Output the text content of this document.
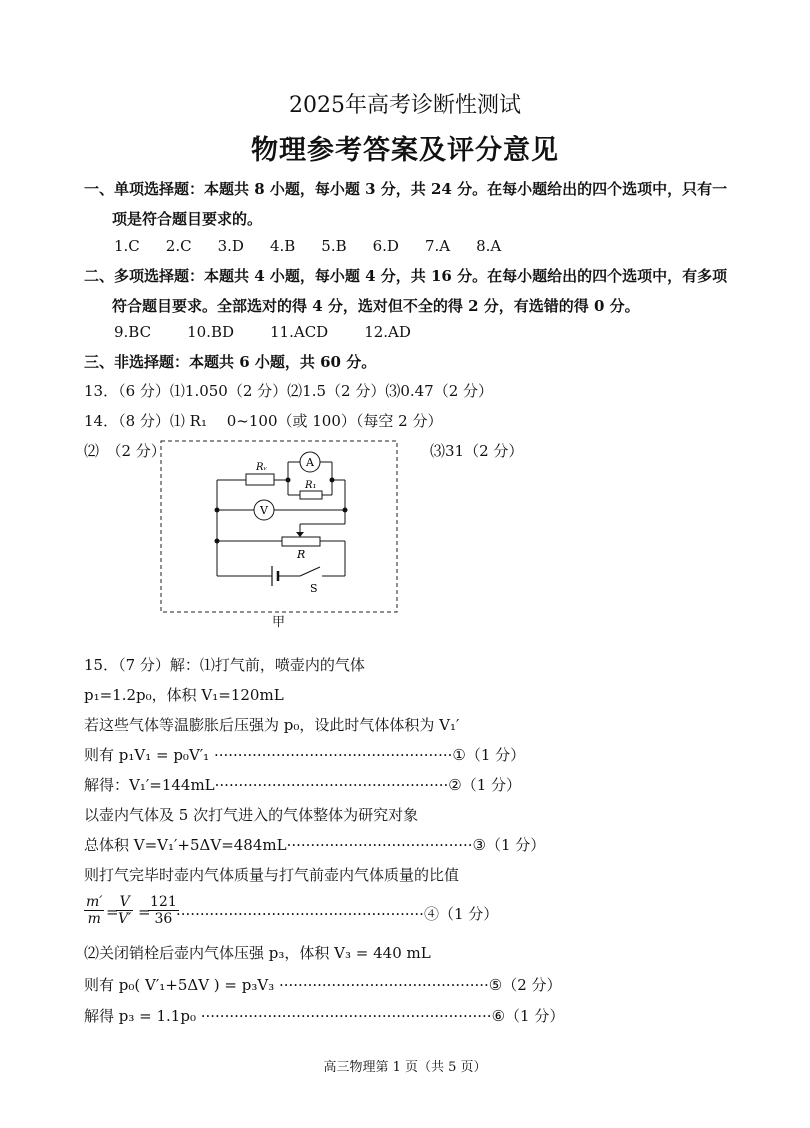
2025年高考诊断性测试
物理参考答案及评分意见
一、单项选择题：本题共 8 小题，每小题 3 分，共 24 分。在每小题给出的四个选项中，只有一
项是符合题目要求的。
1.C 2.C 3.D 4.B 5.B 6.D 7.A 8.A
二、多项选择题：本题共 4 小题，每小题 4 分，共 16 分。在每小题给出的四个选项中，有多项
符合题目要求。全部选对的得 4 分，选对但不全的得 2 分，有选错的得 0 分。
9.BC 10.BD 11.ACD 12.AD
三、非选择题：本题共 6 小题，共 60 分。
13．（6 分）⑴1.050（2 分）⑵1.5（2 分）⑶0.47（2 分）
14．（8 分）⑴ R₁　 0~100（或 100）（每空 2 分）
⑵　（2 分）	⑶31（2 分）
Rᵥ	A
R₁
V
R
S
甲
15．（7 分）解：⑴打气前，喷壶内的气体
p₁=1.2p₀，体积 V₁=120mL
若这些气体等温膨胀后压强为 p₀，设此时气体体积为 V₁′
则有 p₁V₁ = p₀V′₁ ··················································①（1 分）
解得：V₁′=144mL·················································②（1 分）
以壶内气体及 5 次打气进入的气体整体为研究对象
总体积 V=V₁′+5ΔV=484mL·······································③（1 分）
则打气完毕时壶内气体质量与打气前壶内气体质量的比值
$\frac{m'}{m}$ =
$\frac{V}{V'}$ =
$\frac{121}{36}$
····················································④（1 分）
⑵关闭销栓后壶内气体压强 p₃，体积 V₃ = 440 mL
则有 p₀( V′₁+5ΔV ) = p₃V₃ ············································⑤（2 分）
解得 p₃ = 1.1p₀ ·····························································⑥（1 分）
高三物理第 1 页（共 5 页）
